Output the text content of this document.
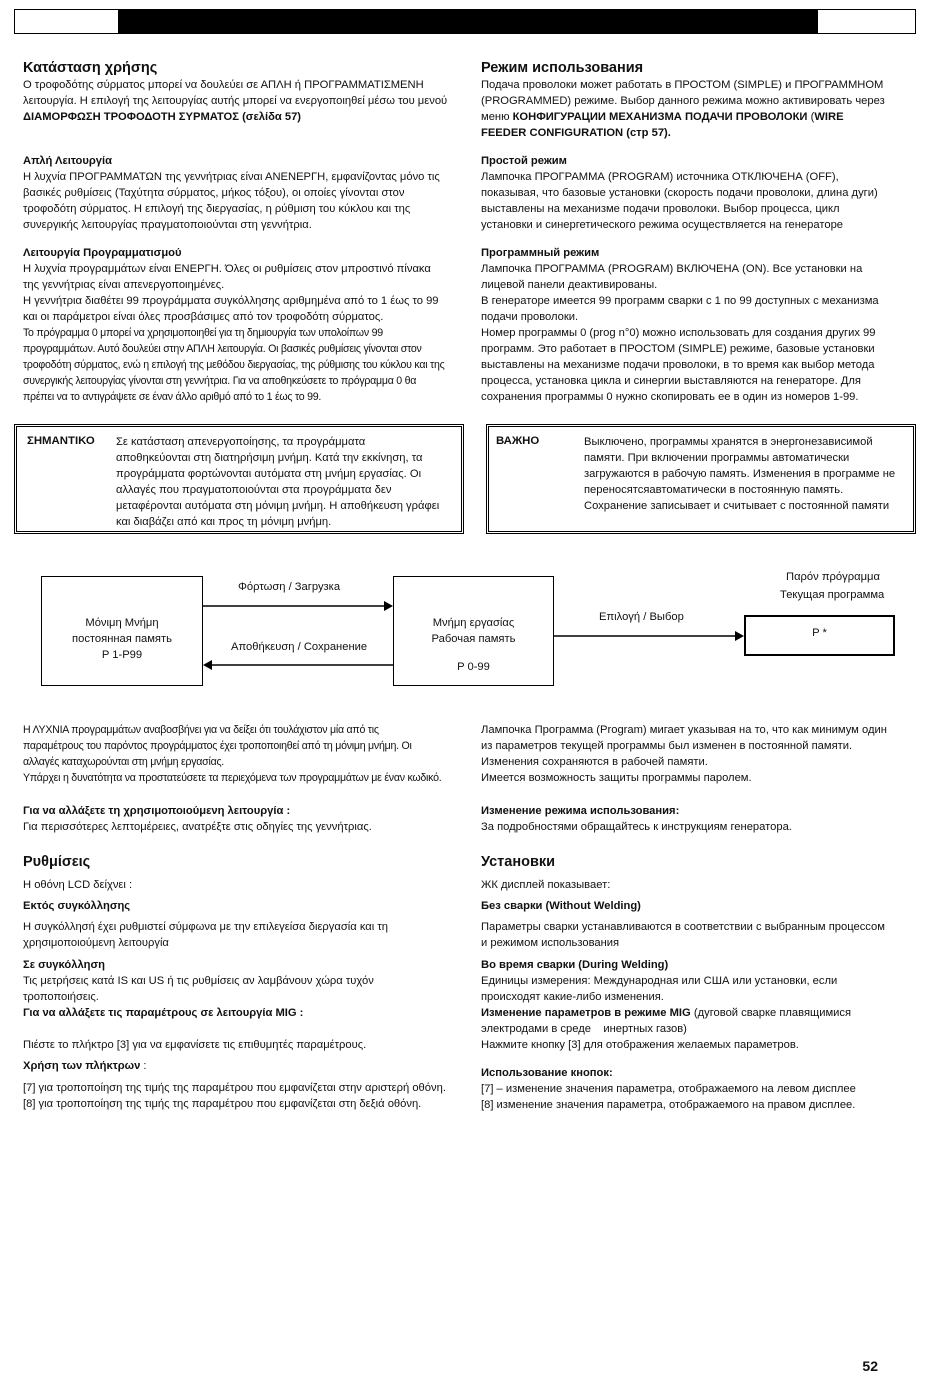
Κατάσταση χρήσης

Ο τροφοδότης σύρματος μπορεί να δουλεύει σε ΑΠΛΗ ή ΠΡΟΓΡΑΜΜΑΤΙΣΜΕΝΗ

λειτουργία. Η επιλογή της λειτουργίας αυτής μπορεί να ενεργοποιηθεί μέσω του μενού

ΔΙΑΜΟΡΦΩΣΗ ΤΡΟΦΟΔΟΤΗ ΣΥΡΜΑΤΟΣ (σελίδα 57)

Απλή Λειτουργία

Η λυχνία ΠΡΟΓΡΑΜΜΑΤΩΝ της γεννήτριας είναι ΑΝΕΝΕΡΓΗ, εμφανίζοντας μόνο τις

βασικές ρυθμίσεις (Ταχύτητα σύρματος, μήκος τόξου), οι οποίες γίνονται στον

τροφοδότη σύρματος. Η επιλογή της διεργασίας, η ρύθμιση του κύκλου και της

συνεργικής λειτουργίας πραγματοποιούνται στη γεννήτρια.

Λειτουργία Προγραμματισμού

Η λυχνία προγραμμάτων είναι ΕΝΕΡΓΗ. Όλες οι ρυθμίσεις στον μπροστινό πίνακα

της γεννήτριας είναι απενεργοποιημένες.

Η γεννήτρια διαθέτει 99 προγράμματα συγκόλλησης αριθμημένα από το 1 έως το 99

και οι παράμετροι είναι όλες προσβάσιμες από τον τροφοδότη σύρματος.

Το πρόγραμμα 0 μπορεί να χρησιμοποιηθεί για τη δημιουργία των υπολοίπων 99

προγραμμάτων. Αυτό δουλεύει στην ΑΠΛΗ λειτουργία. Οι βασικές ρυθμίσεις γίνονται στον

τροφοδότη σύρματος, ενώ η επιλογή της μεθόδου διεργασίας, της ρύθμισης του κύκλου και της

συνεργικής λειτουργίας γίνονται στη γεννήτρια. Για να αποθηκεύσετε το πρόγραμμα 0 θα

πρέπει να το αντιγράψετε σε έναν άλλο αριθμό από το 1 έως το 99.

Режим использования

Подача проволоки может работать в ПРОСТОМ (SIMPLE) и ПРОГРАММНОМ

(PROGRAMMED) режиме. Выбор данного режима можно активировать через

меню КОНФИГУРАЦИИ МЕХАНИЗМА ПОДАЧИ ПРОВОЛОКИ (WIRE

FEEDER CONFIGURATION (стр 57).

Простой режим

Лампочка ПРОГРАММА (PROGRAM) источника ОТКЛЮЧЕНА (OFF),

показывая, что базовые установки (скорость подачи проволоки, длина дуги)

выставлены на механизме подачи проволоки. Выбор процесса, цикл

установки и синергетического режима осуществляется на генераторе

Программный режим

Лампочка ПРОГРАММА (PROGRAM) ВКЛЮЧЕНА (ON). Все установки на

лицевой панели деактивированы.

В генераторе имеется 99 программ сварки с 1 по 99 доступных с механизма

подачи проволоки.

Номер программы 0 (prog n°0) можно использовать для создания других 99

программ. Это работает в ПРОСТОМ (SIMPLE) режиме, базовые установки

выставлены на механизме подачи проволоки, в то время как выбор метода

процесса, установка цикла и синергии выставляются на генераторе. Для

сохранения программы 0 нужно скопировать ее в один из номеров 1-99.

ΣΗΜΑΝΤΙΚΟ Σε κατάσταση απενεργοποίησης, τα προγράμματα
αποθηκεύονται στη διατηρήσιμη μνήμη. Κατά την εκκίνηση, τα
προγράμματα φορτώνονται αυτόματα στη μνήμη εργασίας. Οι
αλλαγές που πραγματοποιούνται στα προγράμματα δεν
μεταφέρονται αυτόματα στη μόνιμη μνήμη. Η αποθήκευση γράφει
και διαβάζει από και προς τη μόνιμη μνήμη.
ВАЖНО	Выключено, программы хранятся в энергонезависимой
памяти. При включении программы автоматически
загружаются в рабочую память. Изменения в программе не
переносятсяавтоматически в постоянную память.
Сохранение записывает и считывает с постоянной памяти
Μόνιμη Μνήμη
постоянная память
P 1-P99
Μνήμη εργασίας
Рабочая память
P 0-99
Φόρτωση / Загрузка
Αποθήκευση / Сохранение
Επιλογή / Выбор
Παρόν πρόγραμμα
Текущая программа
P *

Η ΛΥΧΝΙΑ προγραμμάτων αναβοσβήνει για να δείξει ότι τουλάχιστον μία από τις

παραμέτρους του παρόντος προγράμματος έχει τροποποιηθεί από τη μόνιμη μνήμη. Οι

αλλαγές καταχωρούνται στη μνήμη εργασίας.

Υπάρχει η δυνατότητα να προστατεύσετε τα περιεχόμενα των προγραμμάτων με έναν κωδικό.

Για να αλλάξετε τη χρησιμοποιούμενη λειτουργία :

Για περισσότερες λεπτομέρειες, ανατρέξτε στις οδηγίες της γεννήτριας.

Ρυθμίσεις

Η οθόνη LCD δείχνει :

Εκτός συγκόλλησης

Η συγκόλλησή έχει ρυθμιστεί σύμφωνα με την επιλεγείσα διεργασία και τη

χρησιμοποιούμενη λειτουργία

Σε συγκόλληση

Τις μετρήσεις κατά IS και US ή τις ρυθμίσεις αν λαμβάνουν χώρα τυχόν

τροποποιήσεις.

Για να αλλάξετε τις παραμέτρους σε λειτουργία MIG :

Πιέστε το πλήκτρο [3] για να εμφανίσετε τις επιθυμητές παραμέτρους.

Χρήση των πλήκτρων :

[7] για τροποποίηση της τιμής της παραμέτρου που εμφανίζεται στην αριστερή οθόνη.

[8] για τροποποίηση της τιμής της παραμέτρου που εμφανίζεται στη δεξιά οθόνη.

Лампочка Программа (Program) мигает указывая на то, что как минимум один

из параметров текущей программы был изменен в постоянной памяти.

Изменения сохраняются в рабочей памяти.

Имеется возможность защиты программы паролем.

Изменение режима использования:

За подробностями обращайтесь к инструкциям генератора.

Установки

ЖК дисплей показывает:

Без сварки (Without Welding)

Параметры сварки устанавливаются в соответствии с выбранным процессом

и режимом использования

Во время сварки (During Welding)

Единицы измерения: Международная или США или установки, если

происходят какие-либо изменения.

Изменение параметров в режиме MIG (дуговой сварке плавящимися

электродами в среде    инертных газов)

Нажмите кнопку [3] для отображения желаемых параметров.

Использование кнопок:

[7] – изменение значения параметра, отображаемого на левом дисплее

[8] изменение значения параметра, отображаемого на правом дисплее.

52
